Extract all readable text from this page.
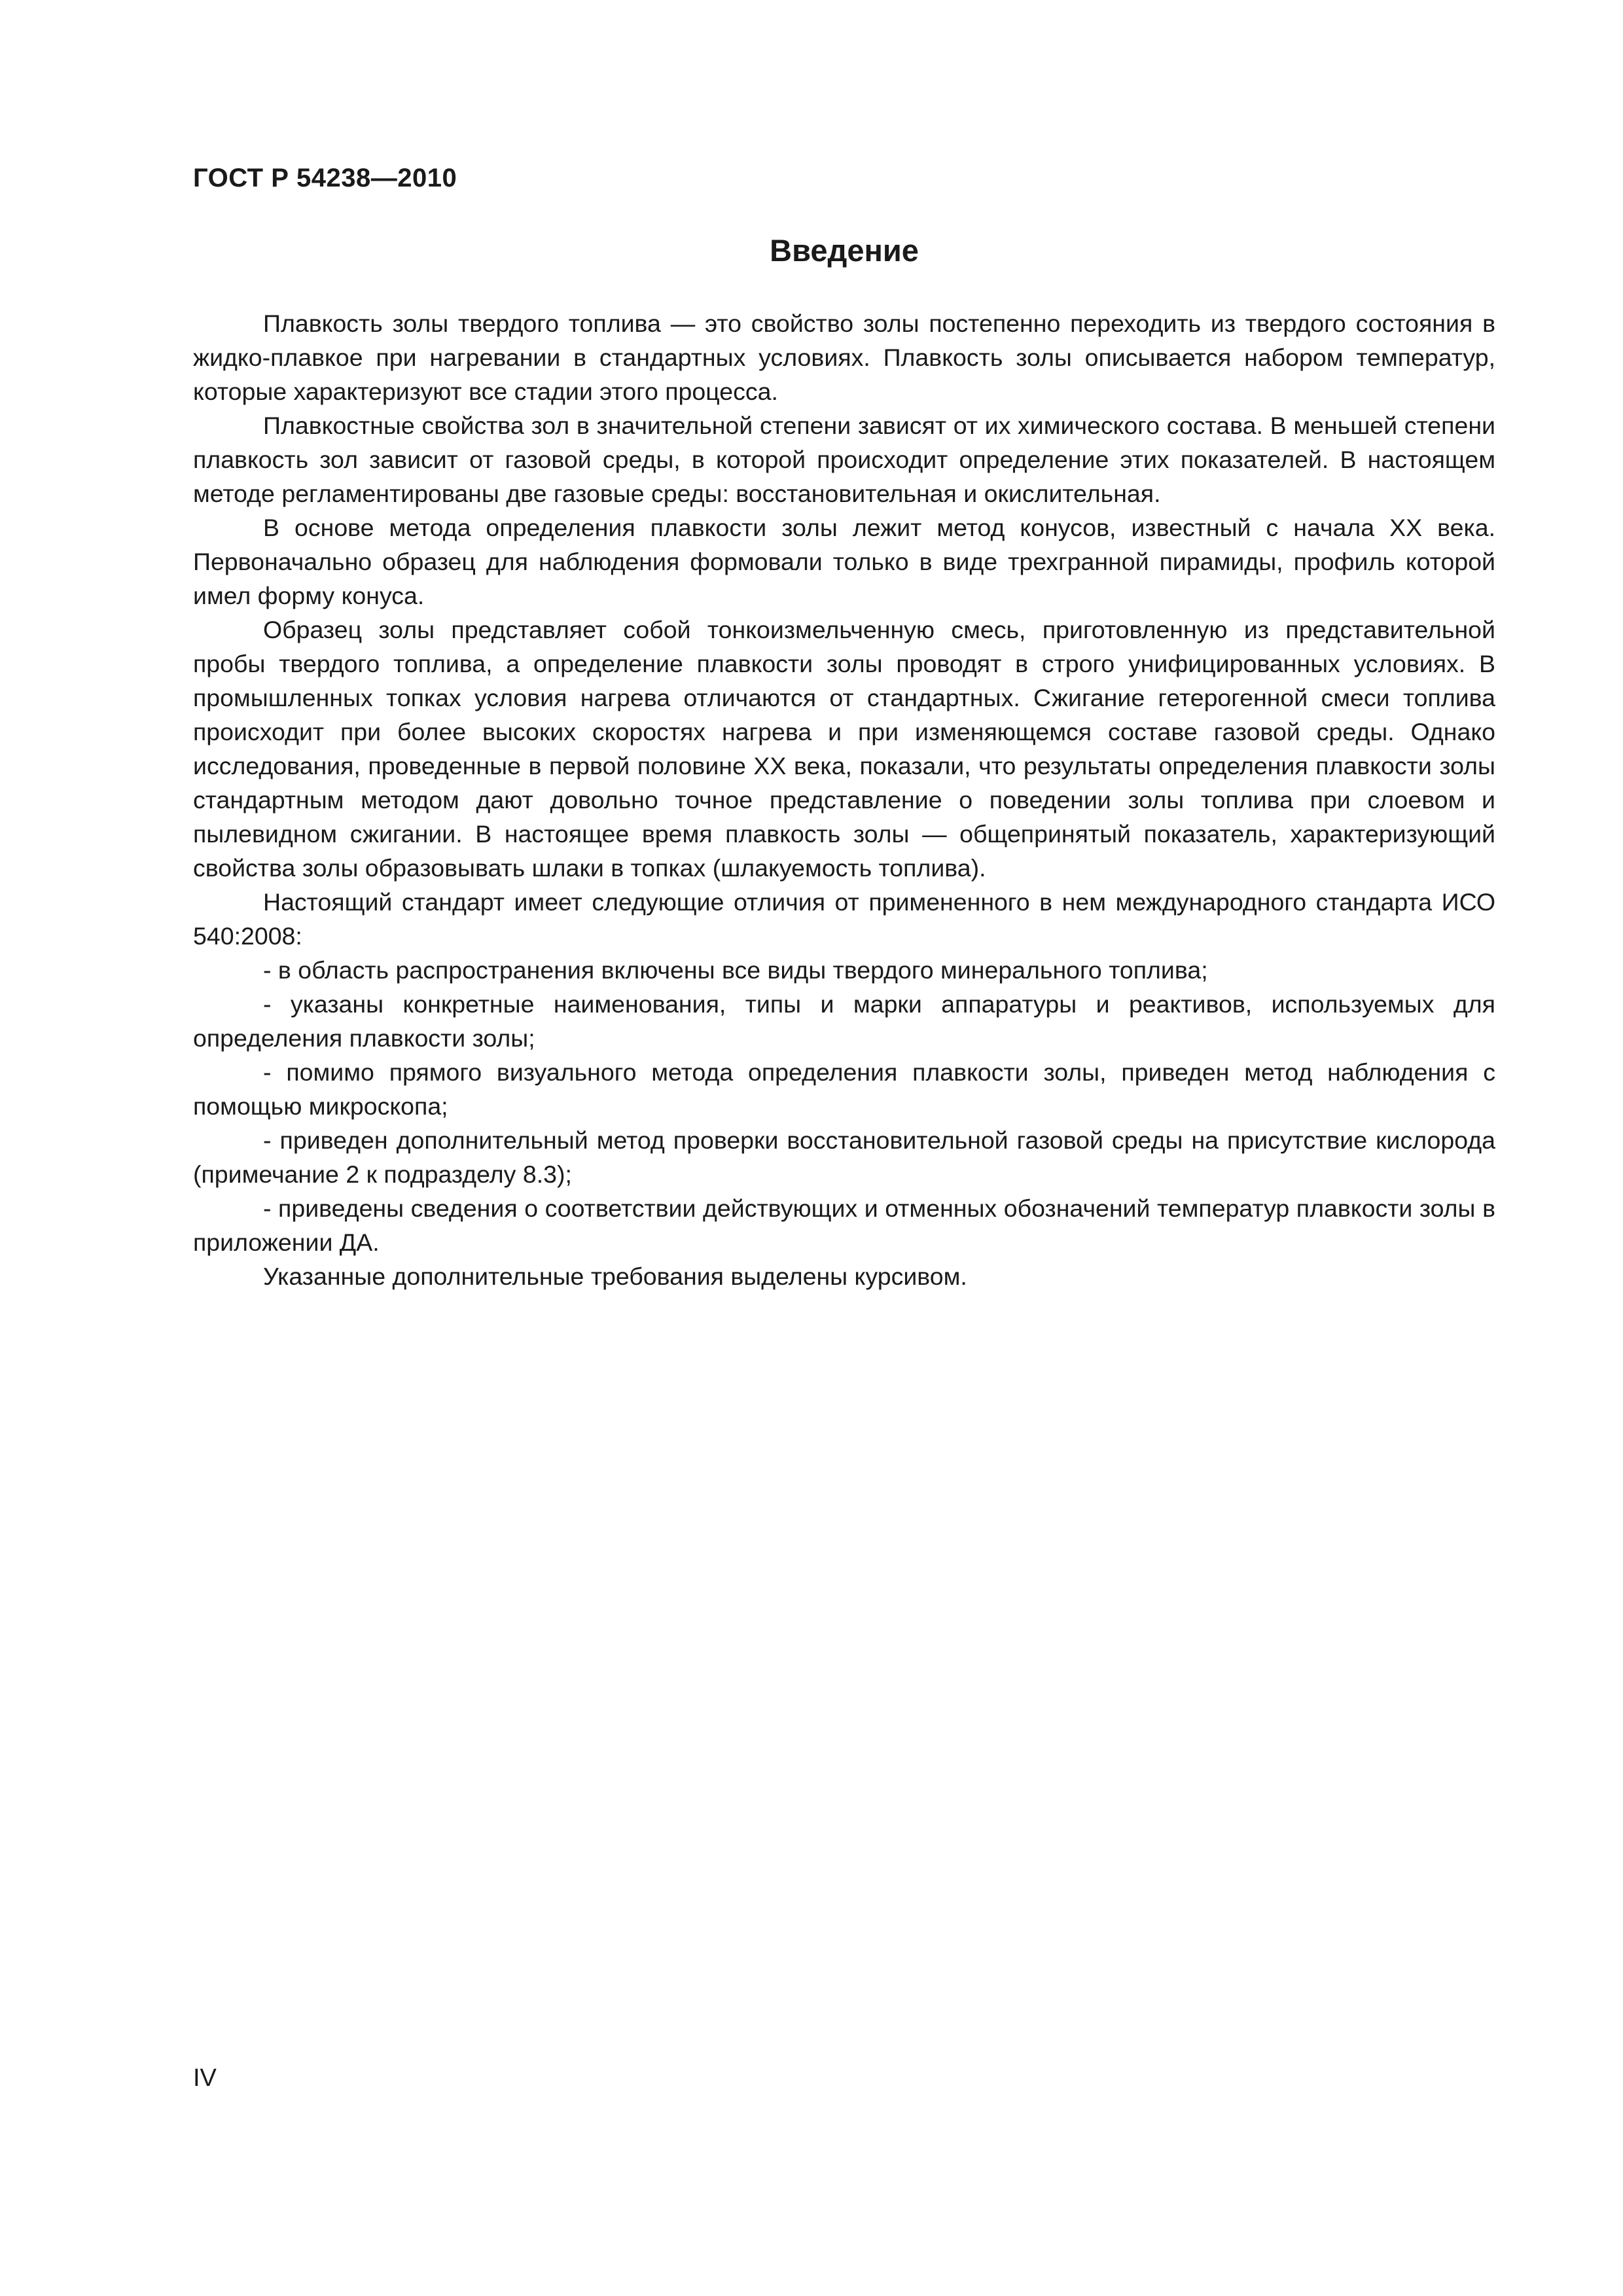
ГОСТ Р 54238—2010
Введение

Плавкость золы твердого топлива — это свойство золы постепенно переходить из твердого состояния в жидко-плавкое при нагревании в стандартных условиях. Плавкость золы описывается набором температур, которые характеризуют все стадии этого процесса.

Плавкостные свойства зол в значительной степени зависят от их химического состава. В меньшей степени плавкость зол зависит от газовой среды, в которой происходит определение этих показателей. В настоящем методе регламентированы две газовые среды: восстановительная и окислительная.

В основе метода определения плавкости золы лежит метод конусов, известный с начала XX века. Первоначально образец для наблюдения формовали только в виде трехгранной пирамиды, профиль которой имел форму конуса.

Образец золы представляет собой тонкоизмельченную смесь, приготовленную из представительной пробы твердого топлива, а определение плавкости золы проводят в строго унифицированных условиях. В промышленных топках условия нагрева отличаются от стандартных. Сжигание гетерогенной смеси топлива происходит при более высоких скоростях нагрева и при изменяющемся составе газовой среды. Однако исследования, проведенные в первой половине XX века, показали, что результаты определения плавкости золы стандартным методом дают довольно точное представление о поведении золы топлива при слоевом и пылевидном сжигании. В настоящее время плавкость золы — общепринятый показатель, характеризующий свойства золы образовывать шлаки в топках (шлакуемость топлива).

Настоящий стандарт имеет следующие отличия от примененного в нем международного стандарта ИСО 540:2008:

- в область распространения включены все виды твердого минерального топлива;

- указаны конкретные наименования, типы и марки аппаратуры и реактивов, используемых для определения плавкости золы;

- помимо прямого визуального метода определения плавкости золы, приведен метод наблюдения с помощью микроскопа;

- приведен дополнительный метод проверки восстановительной газовой среды на присутствие кислорода (примечание 2 к подразделу 8.3);

- приведены сведения о соответствии действующих и отменных обозначений температур плавкости золы в приложении ДА.

Указанные дополнительные требования выделены курсивом.

IV
